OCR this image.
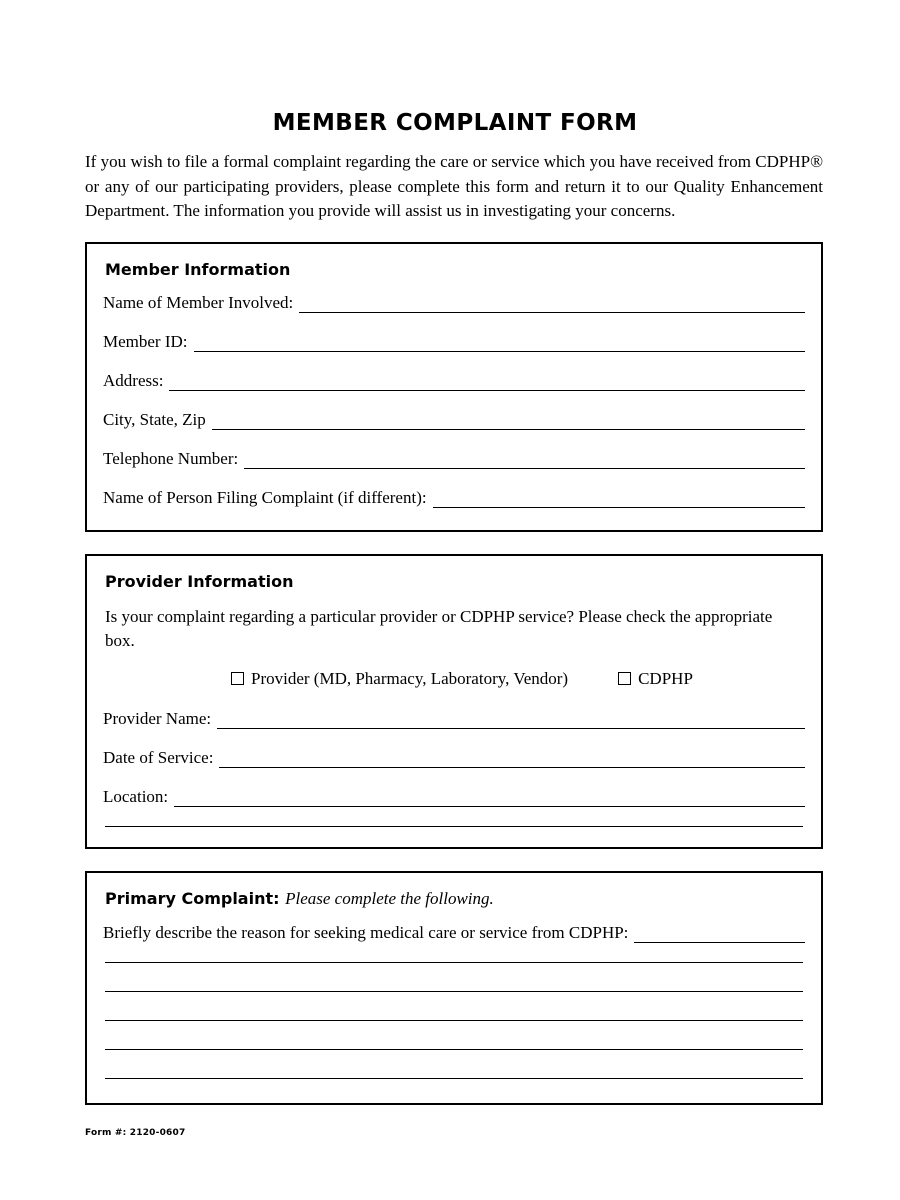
MEMBER COMPLAINT FORM

If you wish to file a formal complaint regarding the care or service which you have received from CDPHP® or any of our participating providers, please complete this form and return it to our Quality Enhancement Department. The information you provide will assist us in investigating your concerns.

Member Information
Name of Member Involved:
Member ID:
Address:
City, State, Zip
Telephone Number:
Name of Person Filing Complaint (if different):
Provider Information
Is your complaint regarding a particular provider or CDPHP service? Please check the appropriate box.
Provider (MD, Pharmacy, Laboratory, Vendor)	CDPHP
Provider Name:
Date of Service:
Location:
Primary Complaint: Please complete the following.
Briefly describe the reason for seeking medical care or service from CDPHP:
Form #: 2120-0607
